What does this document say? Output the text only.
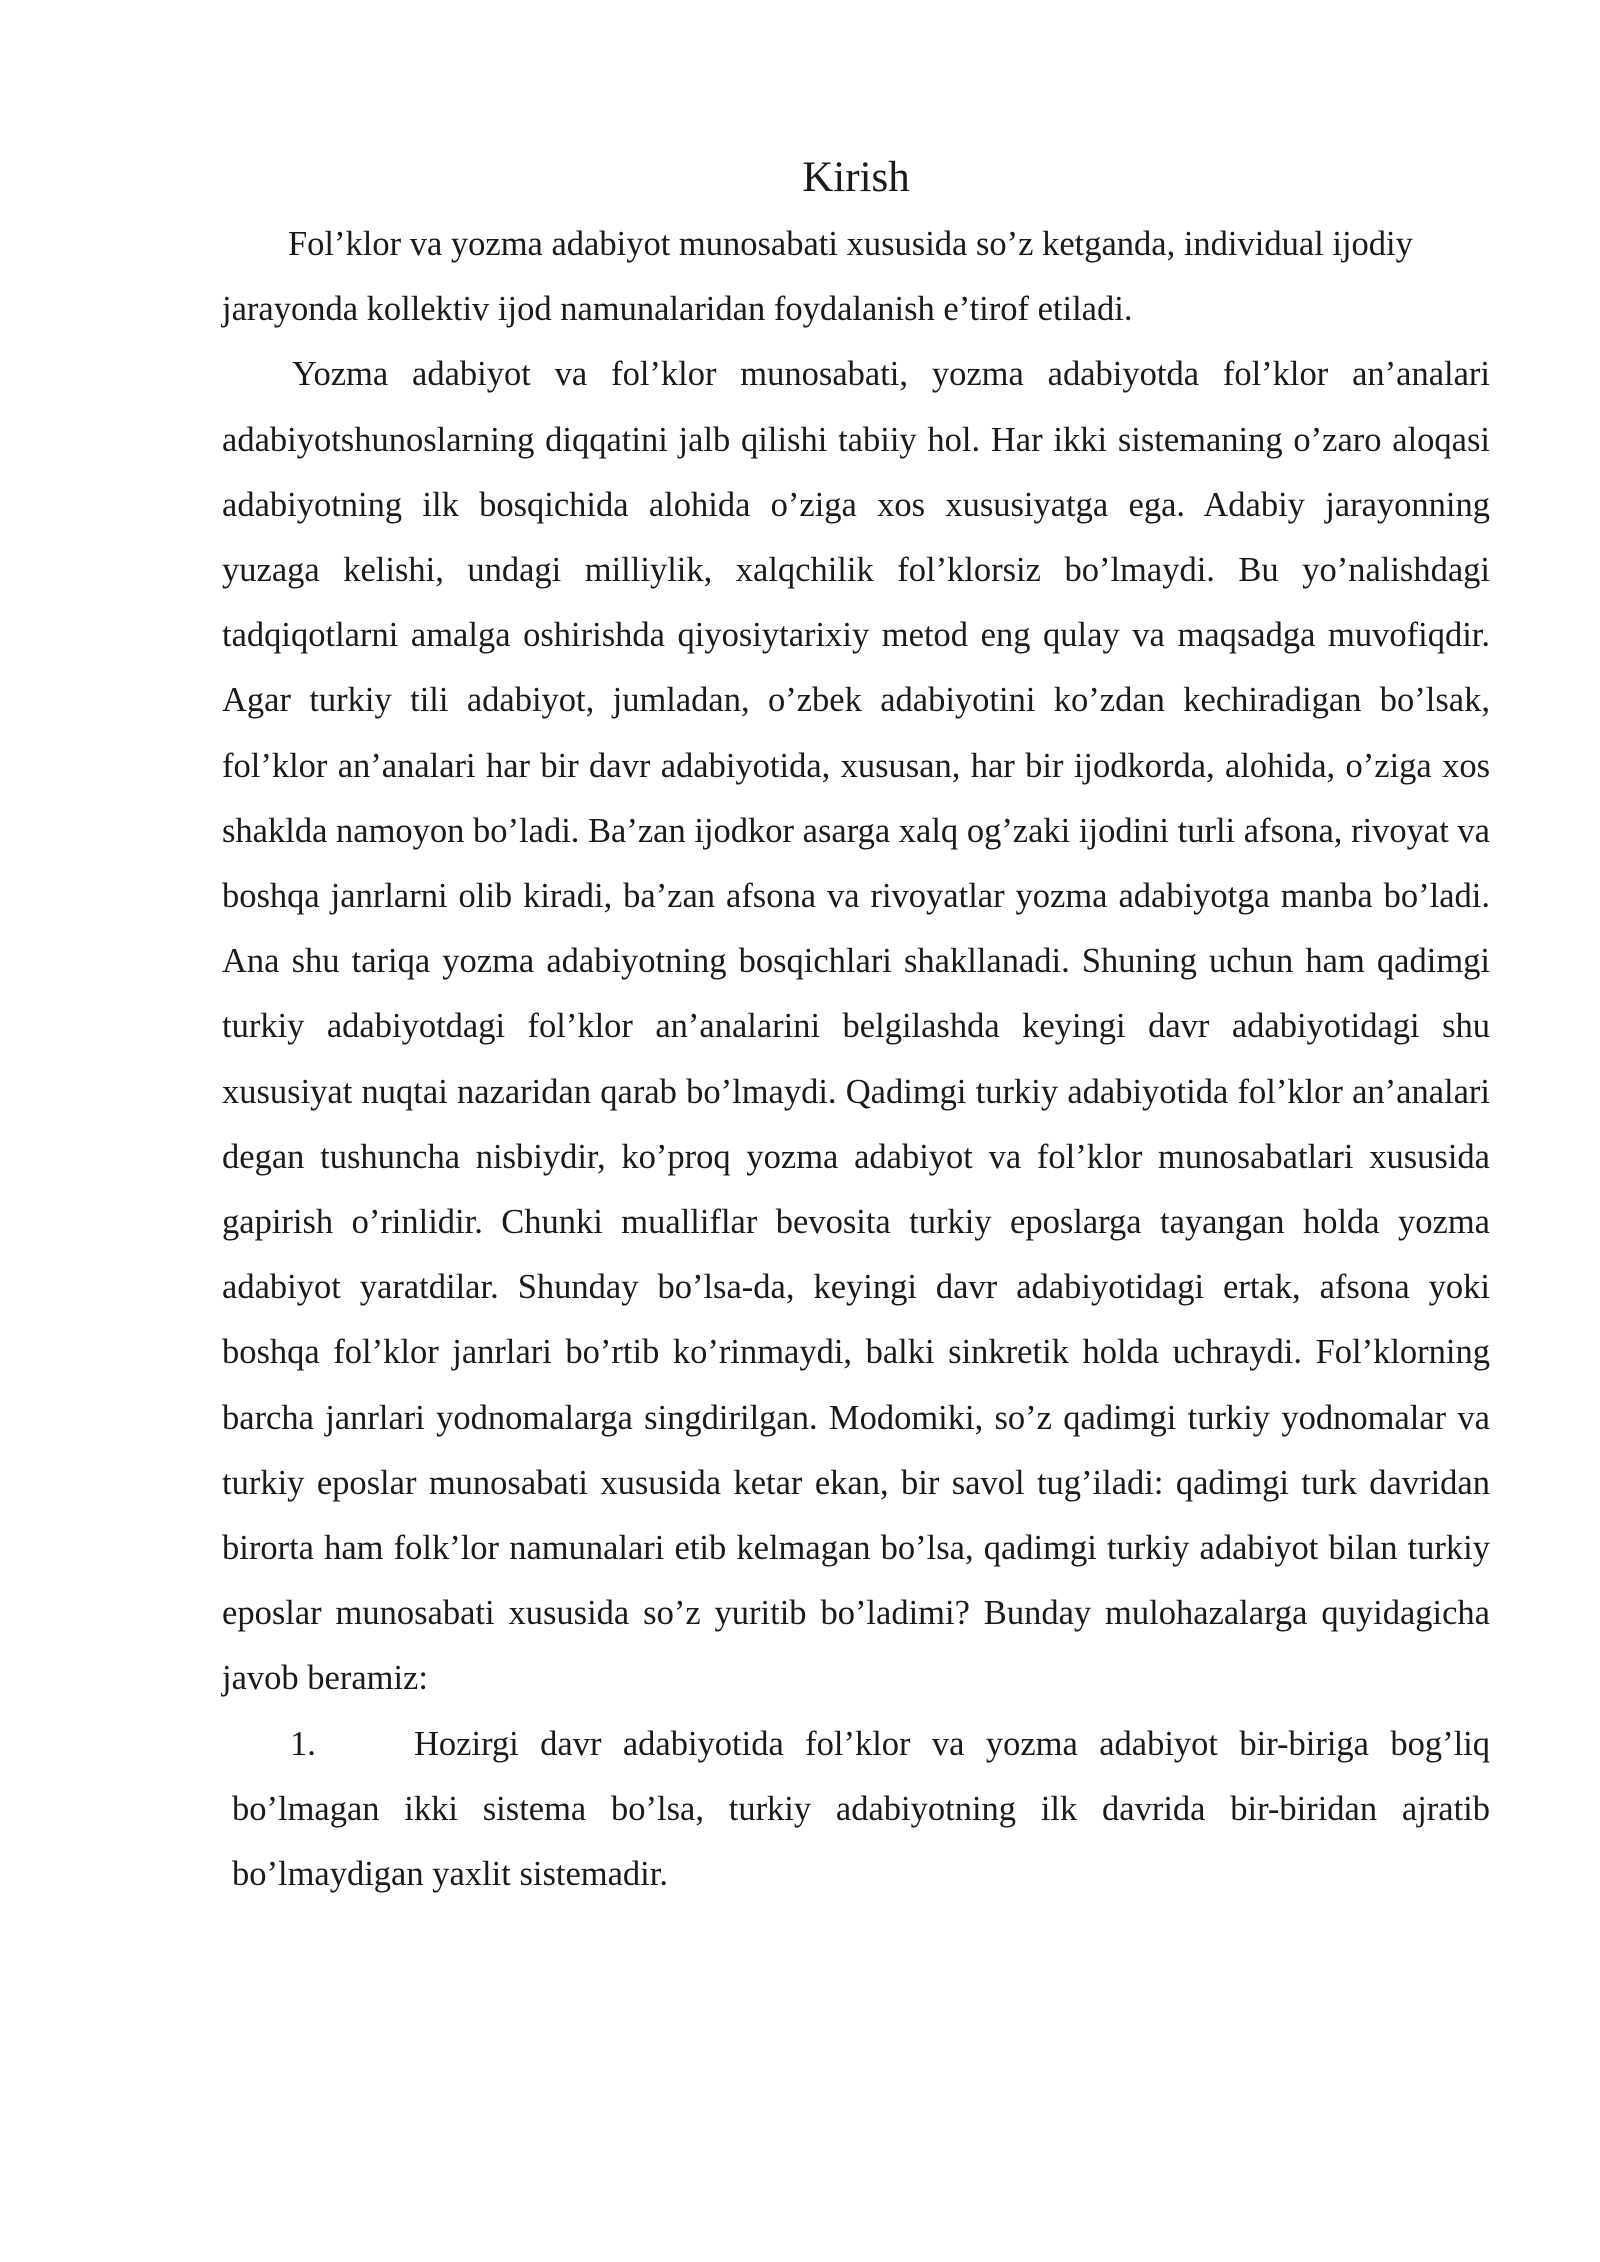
Kirish

Fol’klor va yozma adabiyot munosabati xususida so’z ketganda, individual ijodiy jarayonda kollektiv ijod namunalaridan foydalanish e’tirof etiladi.

Yozma adabiyot va fol’klor munosabati, yozma adabiyotda fol’klor an’analari adabiyotshunoslarning diqqatini jalb qilishi tabiiy hol. Har ikki sistemaning o’zaro aloqasi adabiyotning ilk bosqichida alohida o’ziga xos xususiyatga ega. Adabiy jarayonning yuzaga kelishi, undagi milliylik, xalqchilik fol’klorsiz bo’lmaydi. Bu yo’nalishdagi tadqiqotlarni amalga oshirishda qiyosiytarixiy metod eng qulay va maqsadga muvofiqdir. Agar turkiy tili adabiyot, jumladan, o’zbek adabiyotini ko’zdan kechiradigan bo’lsak, fol’klor an’analari har bir davr adabiyotida, xususan, har bir ijodkorda, alohida, o’ziga xos shaklda namoyon bo’ladi. Ba’zan ijodkor asarga xalq og’zaki ijodini turli afsona, rivoyat va boshqa janrlarni olib kiradi, ba’zan afsona va rivoyatlar yozma adabiyotga manba bo’ladi. Ana shu tariqa yozma adabiyotning bosqichlari shakllanadi. Shuning uchun ham qadimgi turkiy adabiyotdagi fol’klor an’analarini belgilashda keyingi davr adabiyotidagi shu xususiyat nuqtai nazaridan qarab bo’lmaydi. Qadimgi turkiy adabiyotida fol’klor an’analari degan tushuncha nisbiydir, ko’proq yozma adabiyot va fol’klor munosabatlari xususida gapirish o’rinlidir. Chunki mualliflar bevosita turkiy eposlarga tayangan holda yozma adabiyot yaratdilar. Shunday bo’lsa-da, keyingi davr adabiyotidagi ertak, afsona yoki boshqa fol’klor janrlari bo’rtib ko’rinmaydi, balki sinkretik holda uchraydi. Fol’klorning barcha janrlari yodnomalarga singdirilgan. Modomiki, so’z qadimgi turkiy yodnomalar va turkiy eposlar munosabati xususida ketar ekan, bir savol tug’iladi: qadimgi turk davridan birorta ham folk’lor namunalari etib kelmagan bo’lsa, qadimgi turkiy adabiyot bilan turkiy eposlar munosabati xususida so’z yuritib bo’ladimi? Bunday mulohazalarga quyidagicha javob beramiz:

1.	Hozirgi davr adabiyotida fol’klor va yozma adabiyot bir-biriga bog’liq bo’lmagan ikki sistema bo’lsa, turkiy adabiyotning ilk davrida bir-biridan ajratib bo’lmaydigan yaxlit sistemadir.
